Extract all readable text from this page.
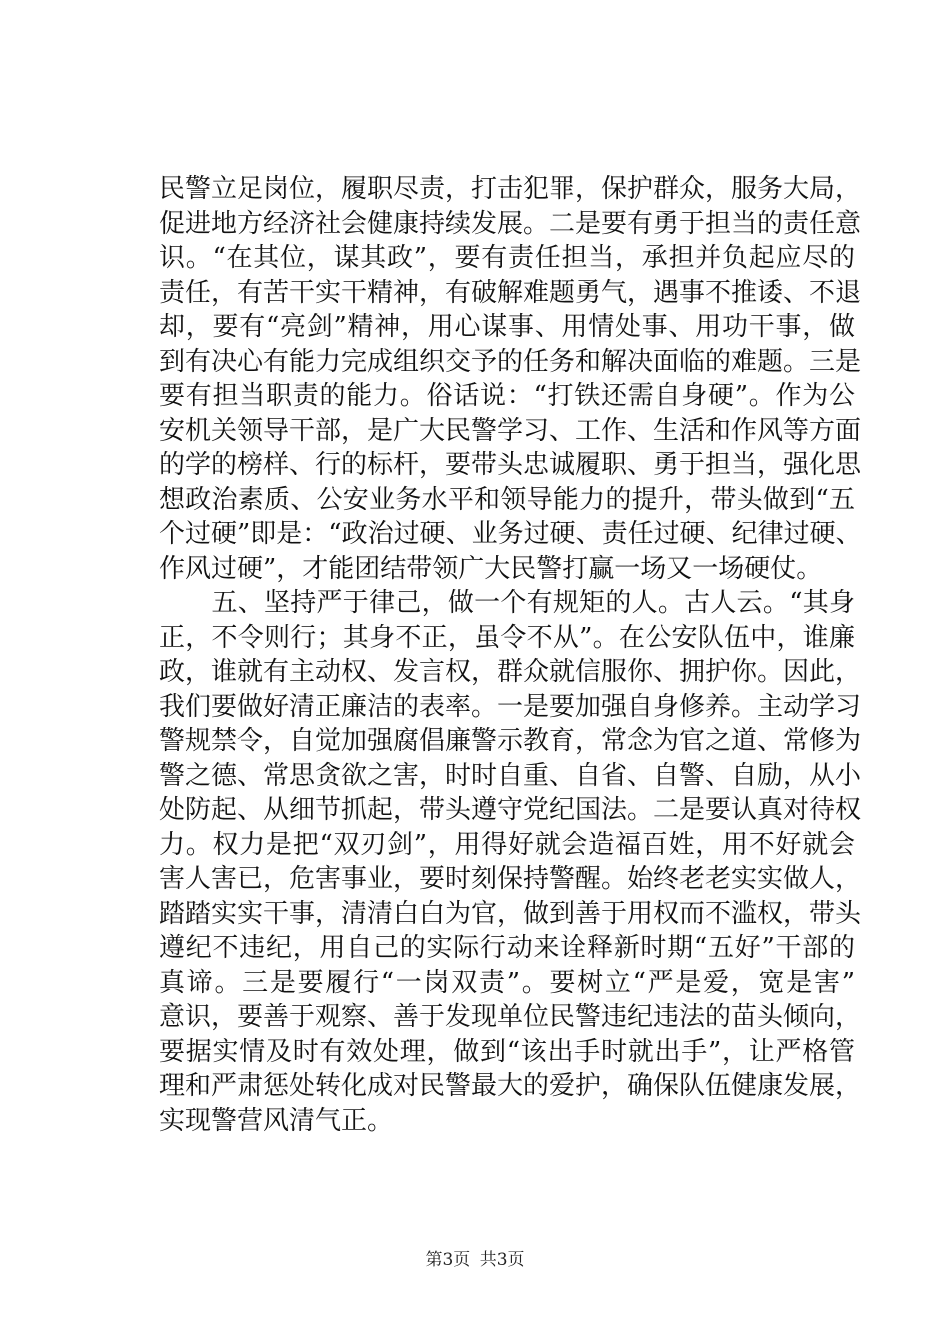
民警立足岗位，履职尽责，打击犯罪，保护群众，服务大局，
促进地方经济社会健康持续发展。二是要有勇于担当的责任意
识。“在其位，谋其政”，要有责任担当，承担并负起应尽的
责任，有苦干实干精神，有破解难题勇气，遇事不推诿、不退
却，要有“亮剑”精神，用心谋事、用情处事、用功干事，做
到有决心有能力完成组织交予的任务和解决面临的难题。三是
要有担当职责的能力。俗话说：“打铁还需自身硬”。作为公
安机关领导干部，是广大民警学习、工作、生活和作风等方面
的学的榜样、行的标杆，要带头忠诚履职、勇于担当，强化思
想政治素质、公安业务水平和领导能力的提升，带头做到“五
个过硬”即是：“政治过硬、业务过硬、责任过硬、纪律过硬、
作风过硬”，才能团结带领广大民警打赢一场又一场硬仗。
　　五、坚持严于律己，做一个有规矩的人。古人云。“其身
正，不令则行；其身不正，虽令不从”。在公安队伍中，谁廉
政，谁就有主动权、发言权，群众就信服你、拥护你。因此，
我们要做好清正廉洁的表率。一是要加强自身修养。主动学习
警规禁令，自觉加强腐倡廉警示教育，常念为官之道、常修为
警之德、常思贪欲之害，时时自重、自省、自警、自励，从小
处防起、从细节抓起，带头遵守党纪国法。二是要认真对待权
力。权力是把“双刃剑”，用得好就会造福百姓，用不好就会
害人害已，危害事业，要时刻保持警醒。始终老老实实做人，
踏踏实实干事，清清白白为官，做到善于用权而不滥权，带头
遵纪不违纪，用自己的实际行动来诠释新时期“五好”干部的
真谛。三是要履行“一岗双责”。要树立“严是爱，宽是害”
意识，要善于观察、善于发现单位民警违纪违法的苗头倾向，
要据实情及时有效处理，做到“该出手时就出手”，让严格管
理和严肃惩处转化成对民警最大的爱护，确保队伍健康发展，
实现警营风清气正。
第3页 共3页
